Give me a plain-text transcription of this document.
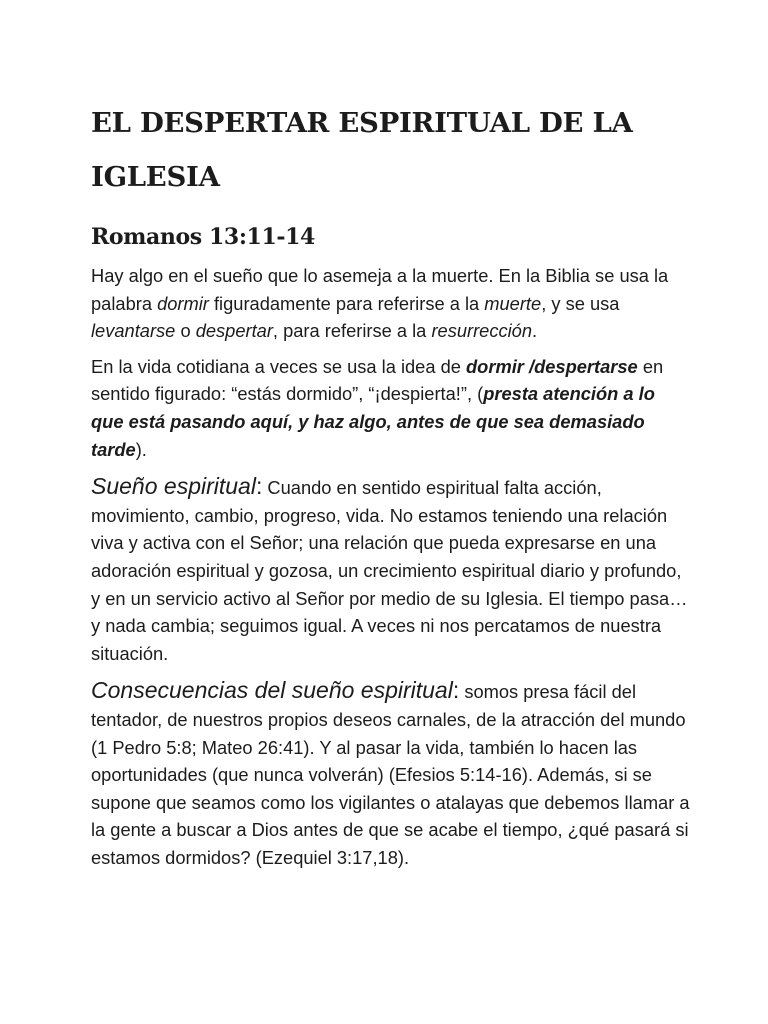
EL DESPERTAR ESPIRITUAL DE LA IGLESIA
Romanos 13:11-14

Hay algo en el sueño que lo asemeja a la muerte. En la Biblia se usa la palabra dormir figuradamente para referirse a la muerte, y se usa levantarse o despertar, para referirse a la resurrección.

En la vida cotidiana a veces se usa la idea de dormir /despertarse en sentido figurado: “estás dormido”, “¡despierta!”, (presta atención a lo que está pasando aquí, y haz algo, antes de que sea demasiado tarde).

Sueño espiritual: Cuando en sentido espiritual falta acción, movimiento, cambio, progreso, vida. No estamos teniendo una relación viva y activa con el Señor; una relación que pueda expresarse en una adoración espiritual y gozosa, un crecimiento espiritual diario y profundo, y en un servicio activo al Señor por medio de su Iglesia. El tiempo pasa… y nada cambia; seguimos igual. A veces ni nos percatamos de nuestra situación.

Consecuencias del sueño espiritual: somos presa fácil del tentador, de nuestros propios deseos carnales, de la atracción del mundo (1 Pedro 5:8; Mateo 26:41). Y al pasar la vida, también lo hacen las oportunidades (que nunca volverán) (Efesios 5:14-16). Además, si se supone que seamos como los vigilantes o atalayas que debemos llamar a la gente a buscar a Dios antes de que se acabe el tiempo, ¿qué pasará si estamos dormidos? (Ezequiel 3:17,18).
